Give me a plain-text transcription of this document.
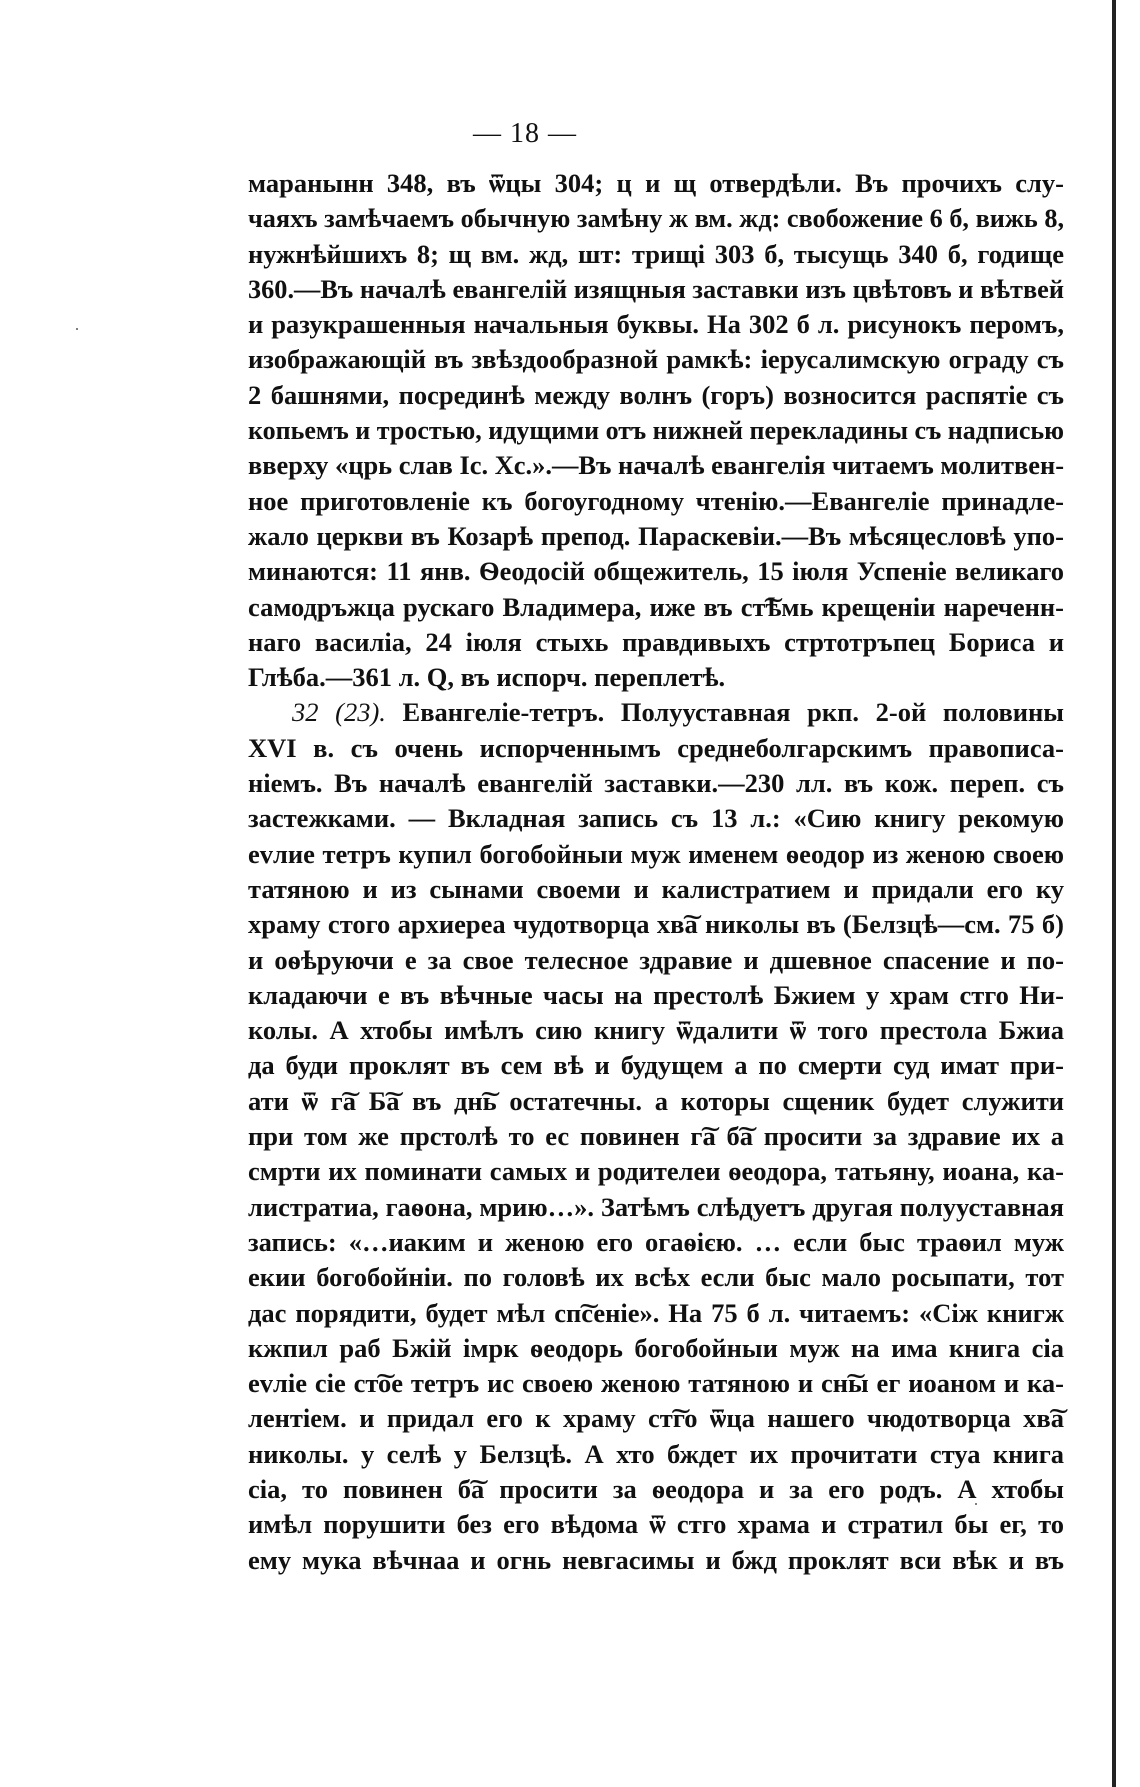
— 18 —
маранынн 348, въ ѿцы 304; ц и щ отвердѣли. Въ прочихъ слу-
чаяхъ замѣчаемъ обычную замѣну ж вм. жд: свобожение 6 б, вижь 8,
нужнѣйшихъ 8; щ вм. жд, шт: трищі 303 б, тысущь 340 б, годище
360.—Въ началѣ евангелій изящныя заставки изъ цвѣтовъ и вѣтвей
и разукрашенныя начальныя буквы. На 302 б л. рисунокъ перомъ,
изображающій въ звѣздообразной рамкѣ: іерусалимскую ограду съ
2 башнями, посрединѣ между волнъ (горъ) возносится распятіе съ
копьемъ и тростью, идущими отъ нижней перекладины съ надписью
вверху «црь слав Іс. Хс.».—Въ началѣ евангелія читаемъ молитвен-
ное приготовленіе къ богоугодному чтенію.—Евангеліе принадле-
жало церкви въ Козарѣ препод. Параскевіи.—Въ мѣсяцесловѣ упо-
минаются: 11 янв. Ѳеодосій общежитель, 15 іюля Успеніе великаго
самодръжца рускаго Владимера, иже въ ст͠ѣмь крещеніи нареченн-
наго василіа, 24 іюля стыхь правдивыхъ стртотръпец Бориса и
Глѣба.—361 л. Q, въ испорч. переплетѣ.
32 (23). Евангеліе-тетръ. Полууставная ркп. 2-ой половины
XVI в. съ очень испорченнымъ среднеболгарскимъ правописа-
ніемъ. Въ началѣ евангелій заставки.—230 лл. въ кож. переп. съ
застежками. — Вкладная запись съ 13 л.: «Сию книгу рекомую
еvлие тетръ купил богобойныи муж именем ѳеодор из женою своею
татяною и из сынами своеми и калистратием и придали его ку
храму стого архиереа чудотворца хв͠а николы въ (Белзцѣ—см. 75 б)
и оѳѣруючи е за свое телесное здравие и дшевное спасение и по-
кладаючи е въ вѣчные часы на престолѣ Бжием у храм стго Ни-
колы. А хтобы имѣлъ сию книгу ѿдалити ѿ того престола Бжиа
да буди проклят въ сем вѣ и будущем а по смерти суд имат при-
ати ѿ г͠а Б͠а въ дн͠ь остатечны. а которы сщеник будет служити
при том же прстолѣ то ес повинен г͠а б͠а просити за здравие их а
смрти их поминати самых и родителеи ѳеодора, татьяну, иоана, ка-
листратиа, гаѳона, мрию…». Затѣмъ слѣдуетъ другая полууставная
запись: «…иаким и женою его огаѳією. … если быс траѳил муж
екии богобойніи. по головѣ их всѣх если быс мало росыпати, тот
дас порядити, будет мѣл сп͠сеніе». На 75 б л. читаемъ: «Сіж книгж
кжпил раб Бжій імрк ѳеодорь богобойныи муж на има книга сіа
еvліе сіе ст͠ое тетръ ис своею женою татяною и сн͠ы ег иоаном и ка-
лентіем. и придал его к храму ст͠го ѿца нашего чюдотворца хв͠а
николы. у селѣ у Белзцѣ. А хто бждет их прочитати стуа книга
сіа, то повинен б͠а просити за ѳеодора и за его родъ. А хтобы
имѣл порушити без его вѣдома ѿ стго храма и стратил бы ег, то
ему мука вѣчнаа и огнь невгасимы и бжд проклят вси вѣк и въ
